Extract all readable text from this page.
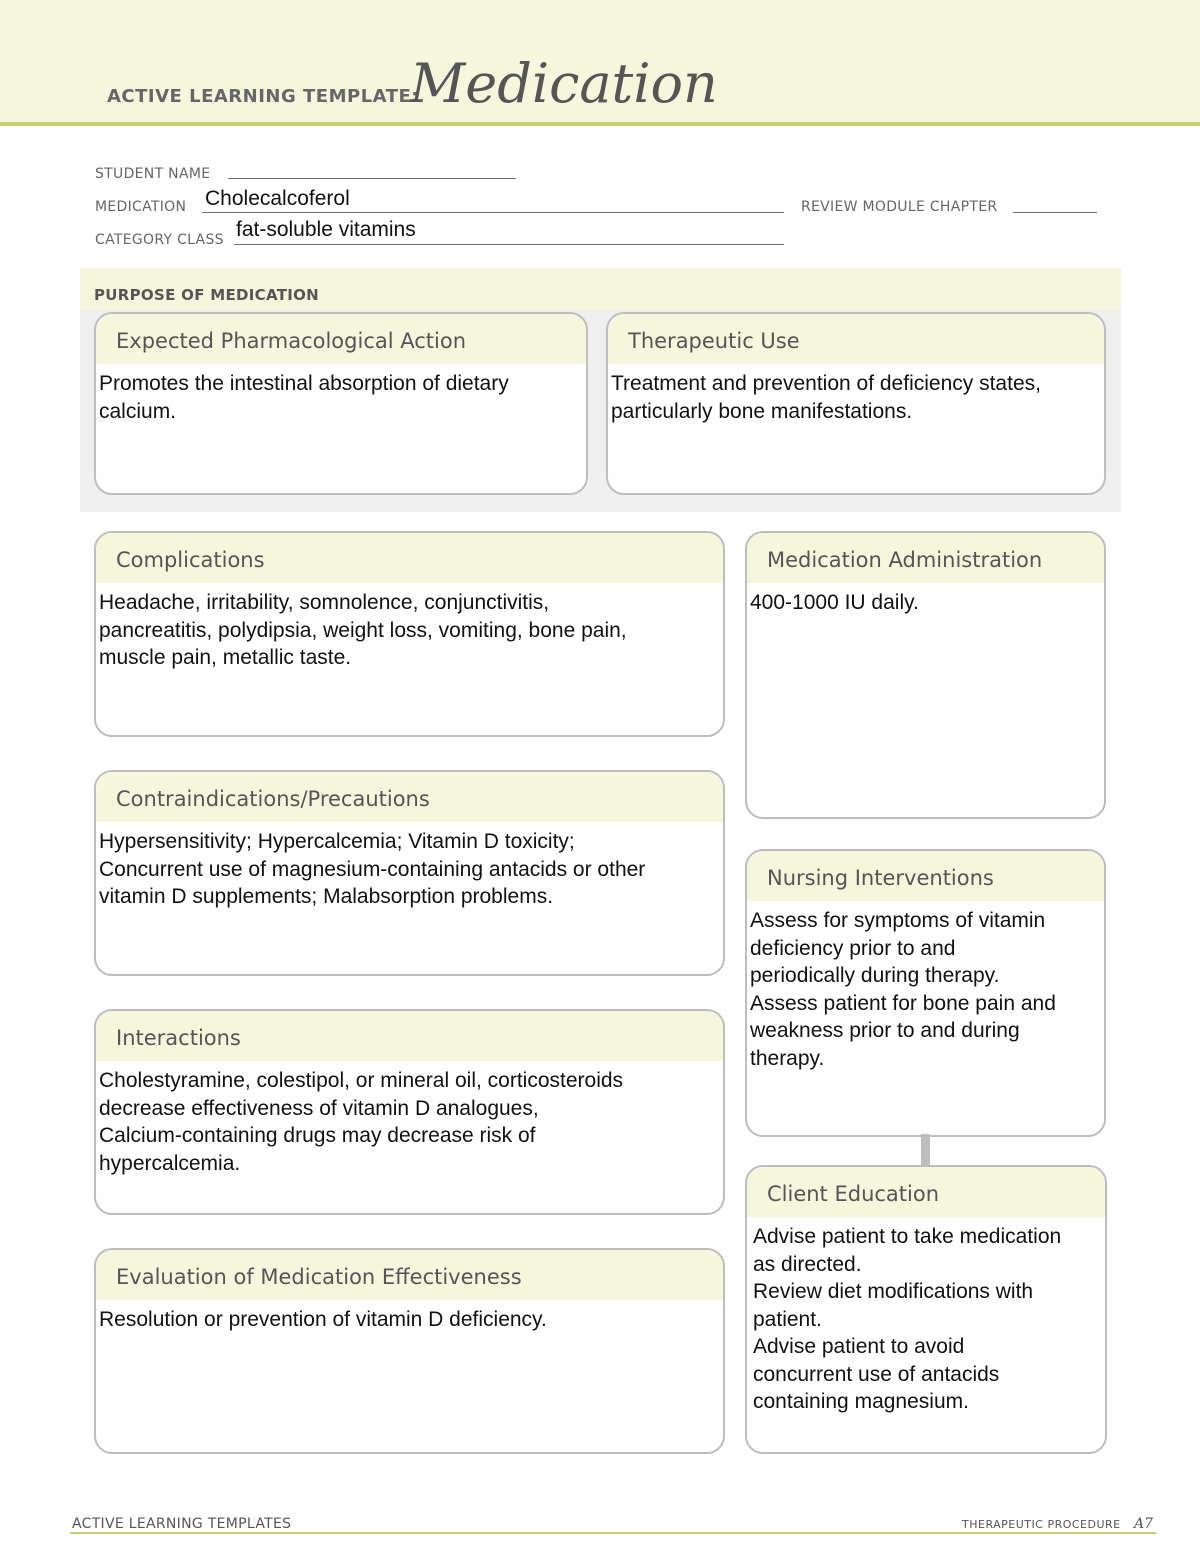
ACTIVE LEARNING TEMPLATE:
Medication
STUDENT NAME
MEDICATION Cholecalcoferol	REVIEW MODULE CHAPTER
CATEGORY CLASS fat-soluble vitamins
PURPOSE OF MEDICATION
Expected Pharmacological Action
Promotes the intestinal absorption of dietary
calcium.
Therapeutic Use
Treatment and prevention of deficiency states,
particularly bone manifestations.
Complications
Headache, irritability, somnolence, conjunctivitis,
pancreatitis, polydipsia, weight loss, vomiting, bone pain,
muscle pain, metallic taste.
Contraindications/Precautions
Hypersensitivity; Hypercalcemia; Vitamin D toxicity;
Concurrent use of magnesium-containing antacids or other
vitamin D supplements; Malabsorption problems.
Interactions
Cholestyramine, colestipol, or mineral oil, corticosteroids
decrease effectiveness of vitamin D analogues,
Calcium-containing drugs may decrease risk of
hypercalcemia.
Evaluation of Medication Effectiveness
Resolution or prevention of vitamin D deficiency.
Medication Administration
400-1000 IU daily.
Nursing Interventions
Assess for symptoms of vitamin
deficiency prior to and
periodically during therapy.
Assess patient for bone pain and
weakness prior to and during
therapy.
Client Education
Advise patient to take medication
as directed.
Review diet modifications with
patient.
Advise patient to avoid
concurrent use of antacids
containing magnesium.
ACTIVE LEARNING TEMPLATES	THERAPEUTIC PROCEDURE A7
